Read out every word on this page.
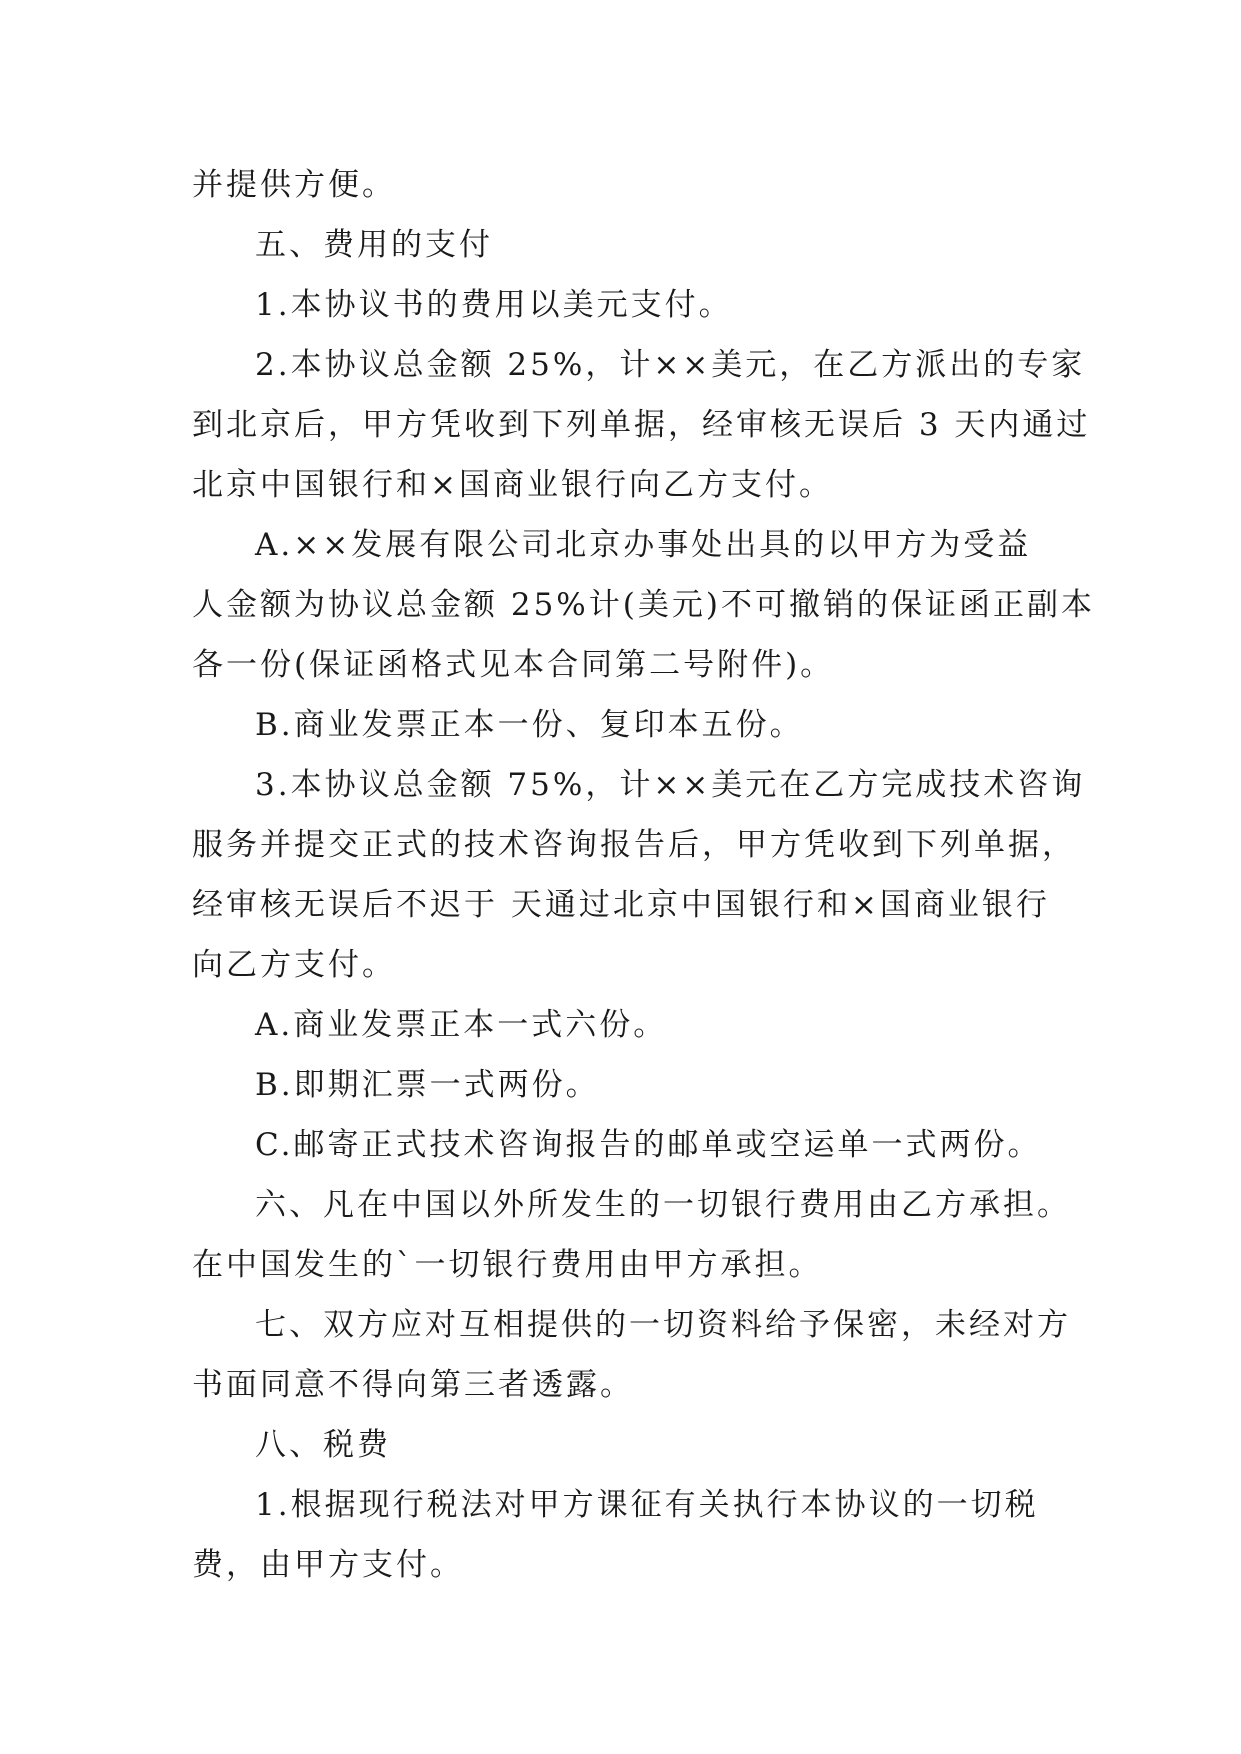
并提供方便。
五、费用的支付
1.本协议书的费用以美元支付。
2.本协议总金额 25%，计××美元，在乙方派出的专家
到北京后，甲方凭收到下列单据，经审核无误后 3 天内通过
北京中国银行和×国商业银行向乙方支付。
A.××发展有限公司北京办事处出具的以甲方为受益
人金额为协议总金额 25%计(美元)不可撤销的保证函正副本
各一份(保证函格式见本合同第二号附件)。
B.商业发票正本一份、复印本五份。
3.本协议总金额 75%，计××美元在乙方完成技术咨询
服务并提交正式的技术咨询报告后，甲方凭收到下列单据，
经审核无误后不迟于 天通过北京中国银行和×国商业银行
向乙方支付。
A.商业发票正本一式六份。
B.即期汇票一式两份。
C.邮寄正式技术咨询报告的邮单或空运单一式两份。
六、凡在中国以外所发生的一切银行费用由乙方承担。
在中国发生的`一切银行费用由甲方承担。
七、双方应对互相提供的一切资料给予保密，未经对方
书面同意不得向第三者透露。
八、税费
1.根据现行税法对甲方课征有关执行本协议的一切税
费，由甲方支付。
